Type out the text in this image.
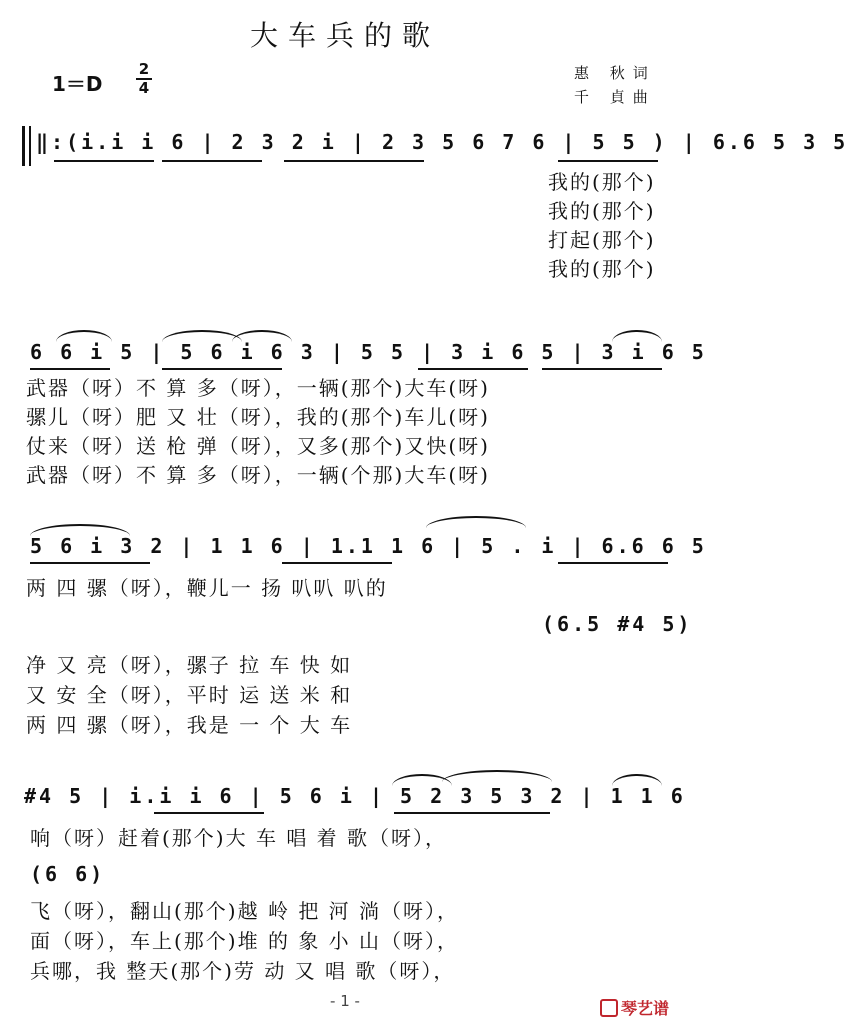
大车兵的歌
1＝D
2
4
惠 秋词
千 貞曲
‖:(i.i i 6 | 2 3 2 i | 2 3 5 6 7 6 | 5 5 ) | 6.6 5 3 5
我的(那个)
我的(那个)
打起(那个)
我的(那个)
6 6 i 5 | 5 6 i 6 3 | 5 5 | 3 i 6 5 | 3 i 6 5
武器（呀）不 算 多（呀），一辆(那个)大车(呀)
骡儿（呀）肥 又 壮（呀），我的(那个)车儿(呀)
仗来（呀）送 枪 弹（呀），又多(那个)又快(呀)
武器（呀）不 算 多（呀），一辆(个那)大车(呀)
5 6 i 3 2 | 1 1 6 | 1.1 1 6 | 5 . i | 6.6 6 5
两 四 骡（呀），鞭儿一 扬 叭叭 叭的
(6.5 #4 5)
净 又 亮（呀），骡子 拉 车 快 如
又 安 全（呀），平时 运 送 米 和
两 四 骡（呀），我是 一 个 大 车
#4 5 | i.i i 6 | 5 6 i | 5 2 3 5 3 2 | 1 1 6
响（呀）赶着(那个)大 车 唱 着 歌（呀），
(6 6)
飞（呀），翻山(那个)越 岭 把 河 淌（呀），
面（呀），车上(那个)堆 的 象 小 山（呀），
兵哪，我 整天(那个)劳 动 又 唱 歌（呀），
- 1 -	琴艺谱
